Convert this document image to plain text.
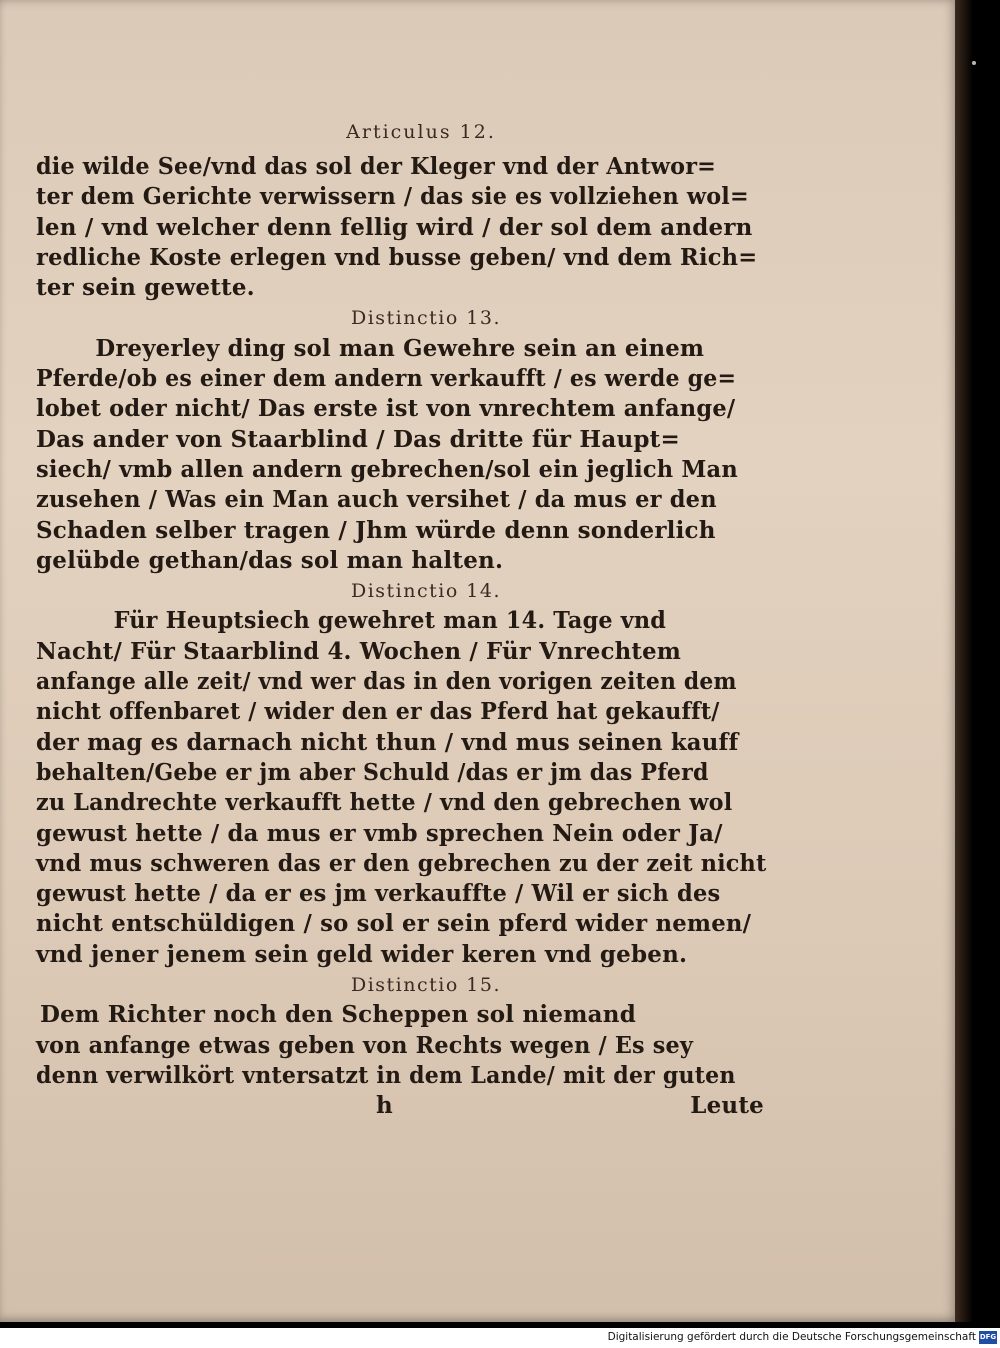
Articulus 12.
die wilde See/vnd das sol der Kleger vnd der Antwor=
ter dem Gerichte verwissern / das sie es vollziehen wol=
len / vnd welcher denn fellig wird / der sol dem andern
redliche Koste erlegen vnd busse geben/ vnd dem Rich=
ter sein gewette.
Distinctio 13.
Dreyerley ding sol man Gewehre sein an einem
Pferde/ob es einer dem andern verkaufft / es werde ge=
lobet oder nicht/ Das erste ist von vnrechtem anfange/
Das ander von Staarblind / Das dritte für Haupt=
siech/ vmb allen andern gebrechen/sol ein jeglich Man
zusehen / Was ein Man auch versihet / da mus er den
Schaden selber tragen / Jhm würde denn sonderlich
gelübde gethan/das sol man halten.
Distinctio 14.
Für Heuptsiech gewehret man 14. Tage vnd
Nacht/ Für Staarblind 4. Wochen / Für Vnrechtem
anfange alle zeit/ vnd wer das in den vorigen zeiten dem
nicht offenbaret / wider den er das Pferd hat gekaufft/
der mag es darnach nicht thun / vnd mus seinen kauff
behalten/Gebe er jm aber Schuld /das er jm das Pferd
zu Landrechte verkaufft hette / vnd den gebrechen wol
gewust hette / da mus er vmb sprechen Nein oder Ja/
vnd mus schweren das er den gebrechen zu der zeit nicht
gewust hette / da er es jm verkauffte / Wil er sich des
nicht entschüldigen / so sol er sein pferd wider nemen/
vnd jener jenem sein geld wider keren vnd geben.
Distinctio 15.
Dem Richter noch den Scheppen sol niemand
von anfange etwas geben von Rechts wegen / Es sey
denn verwilkört vntersatzt in dem Lande/ mit der guten
h	Leute
Digitalisierung gefördert durch die Deutsche Forschungsgemeinschaft DFG
